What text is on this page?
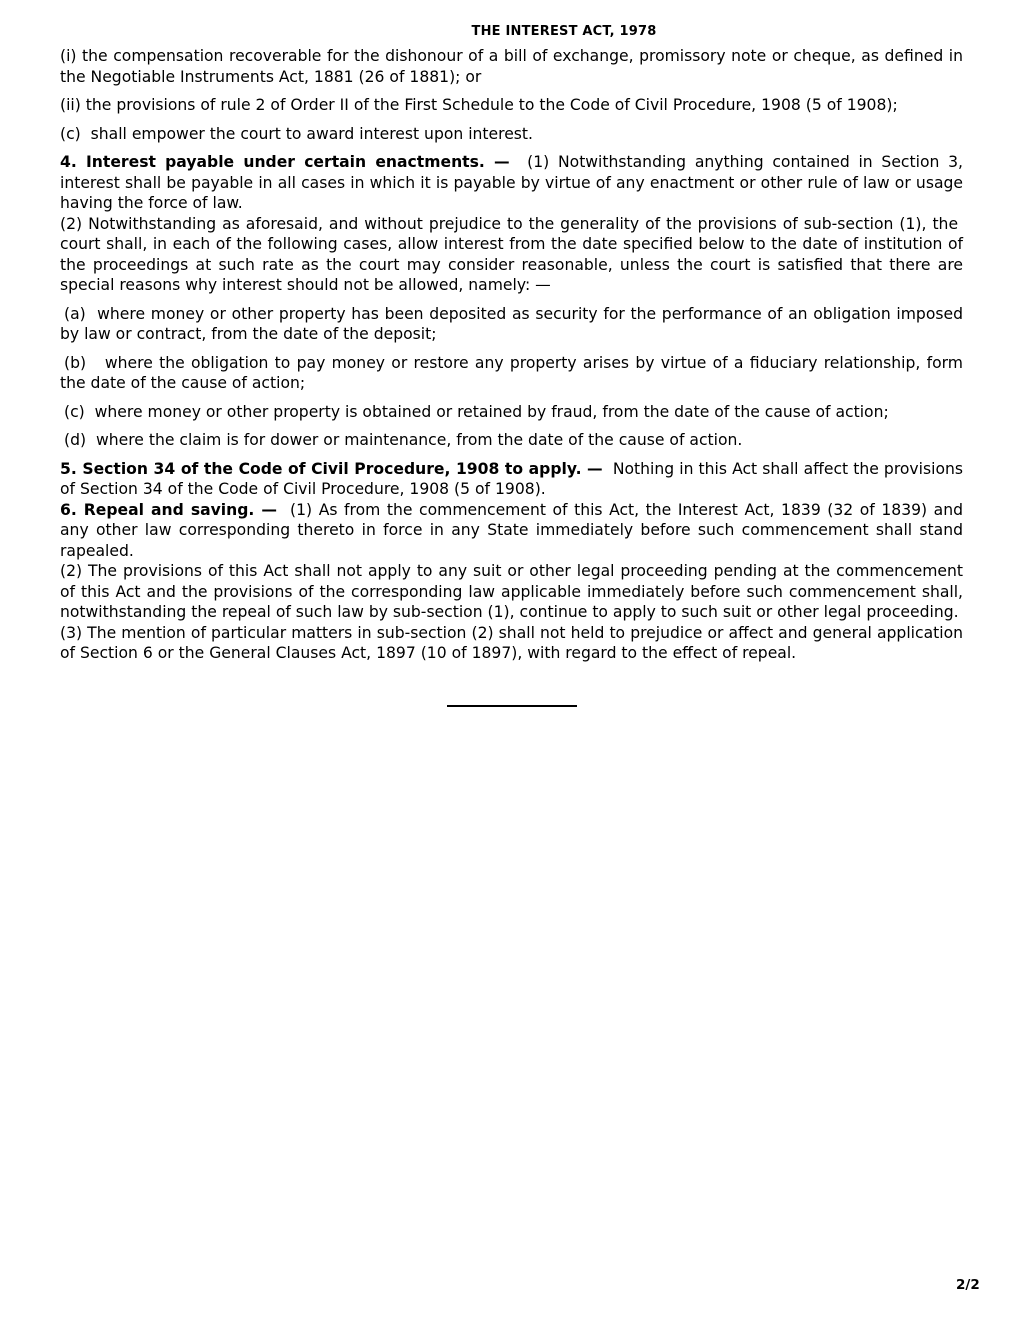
THE INTEREST ACT, 1978

(i) the compensation recoverable for the dishonour of a bill of exchange, promissory note or cheque, as defined in the Negotiable Instruments Act, 1881 (26 of 1881); or

(ii) the provisions of rule 2 of Order II of the First Schedule to the Code of Civil Procedure, 1908 (5 of 1908);

(c)  shall empower the court to award interest upon interest.

4. Interest payable under certain enactments. —  (1) Notwithstanding anything contained in Section 3, interest shall be payable in all cases in which it is payable by virtue of any enactment or other rule of law or usage having the force of law.

(2) Notwithstanding as aforesaid, and without prejudice to the generality of the provisions of sub-section (1), the  court shall, in each of the following cases, allow interest from the date specified below to the date of institution of the proceedings at such rate as the court may consider reasonable, unless the court is satisfied that there are special reasons why interest should not be allowed, namely: —

(a)  where money or other property has been deposited as security for the performance of an obligation imposed by law or contract, from the date of the deposit;

(b)   where the obligation to pay money or restore any property arises by virtue of a fiduciary relationship, form the date of the cause of action;

(c)  where money or other property is obtained or retained by fraud, from the date of the cause of action;

(d)  where the claim is for dower or maintenance, from the date of the cause of action.

5. Section 34 of the Code of Civil Procedure, 1908 to apply. —  Nothing in this Act shall affect the provisions of Section 34 of the Code of Civil Procedure, 1908 (5 of 1908).

6. Repeal and saving. —  (1) As from the commencement of this Act, the Interest Act, 1839 (32 of 1839) and any other law corresponding thereto in force in any State immediately before such commencement shall stand rapealed.

(2) The provisions of this Act shall not apply to any suit or other legal proceeding pending at the commencement of this Act and the provisions of the corresponding law applicable immediately before such commencement shall, notwithstanding the repeal of such law by sub-section (1), continue to apply to such suit or other legal proceeding.

(3) The mention of particular matters in sub-section (2) shall not held to prejudice or affect and general application of Section 6 or the General Clauses Act, 1897 (10 of 1897), with regard to the effect of repeal.

2/2
